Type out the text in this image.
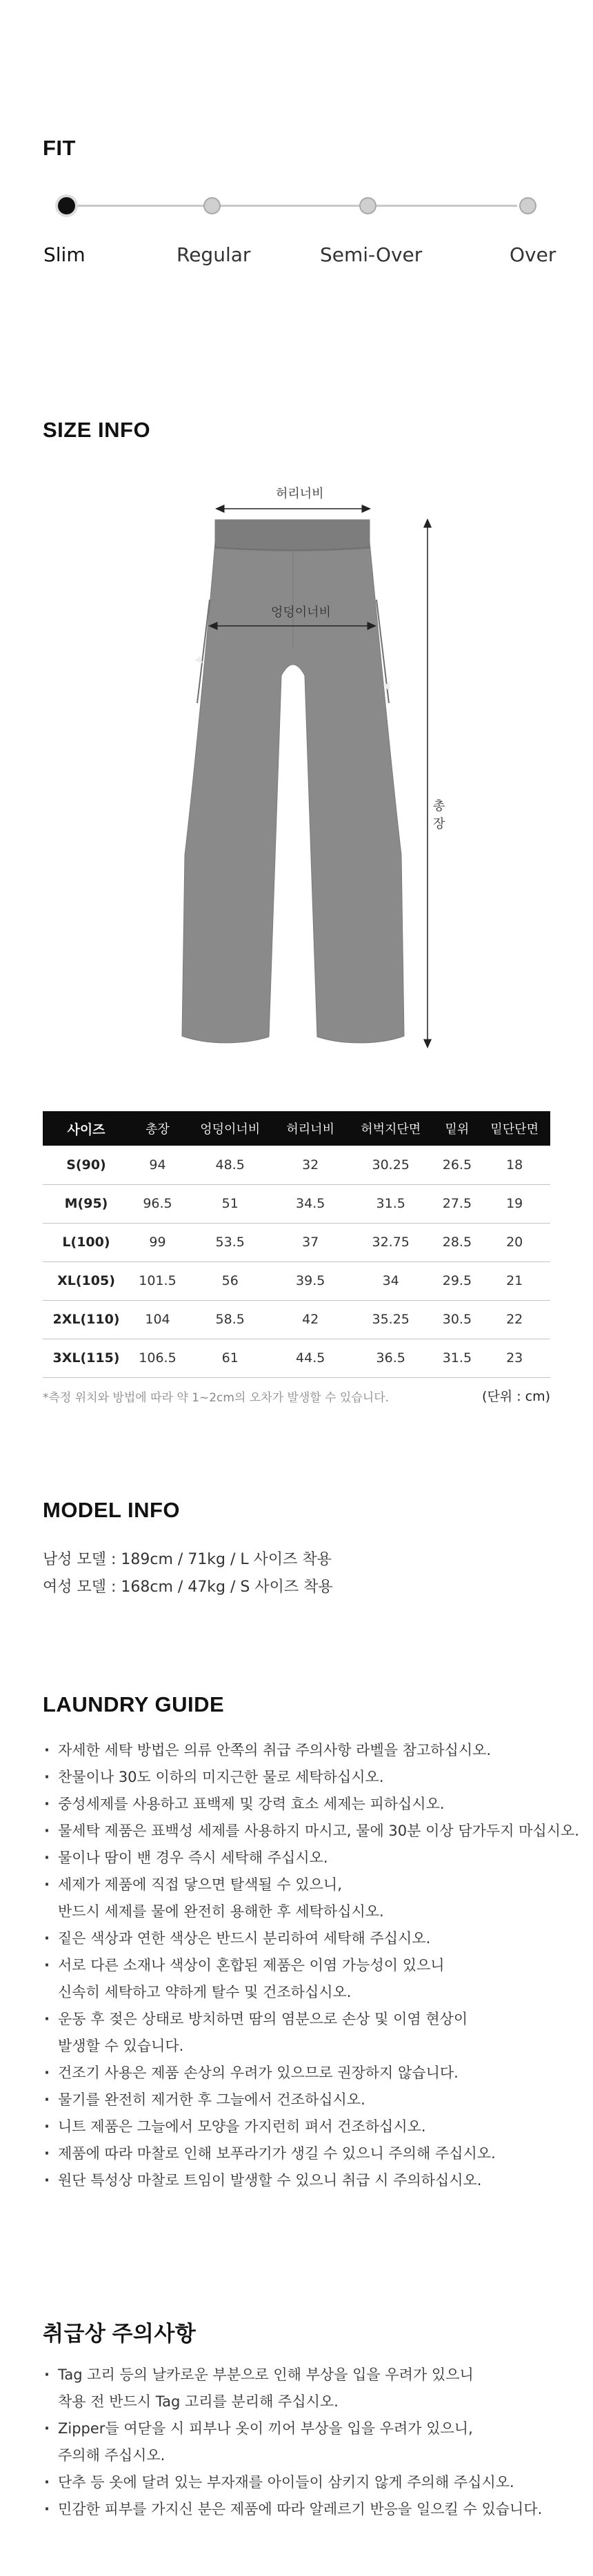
FIT
Slim	Regular	Semi-Over	Over
SIZE INFO
허리너비
엉덩이너비
총장
사이즈	총장	엉덩이너비	허리너비	허벅지단면	밑위	밑단단면
S(90)	94	48.5	32	30.25	26.5	18
M(95)	96.5	51	34.5	31.5	27.5	19
L(100)	99	53.5	37	32.75	28.5	20
XL(105)	101.5	56	39.5	34	29.5	21
2XL(110)	104	58.5	42	35.25	30.5	22
3XL(115)	106.5	61	44.5	36.5	31.5	23
*측정 위치와 방법에 따라 약 1~2cm의 오차가 발생할 수 있습니다.	(단위 : cm)
MODEL INFO
남성 모델 : 189cm / 71kg / L 사이즈 착용
여성 모델 : 168cm / 47kg / S 사이즈 착용
LAUNDRY GUIDE
· 자세한 세탁 방법은 의류 안쪽의 취급 주의사항 라벨을 참고하십시오.
· 찬물이나 30도 이하의 미지근한 물로 세탁하십시오.
· 중성세제를 사용하고 표백제 및 강력 효소 세제는 피하십시오.
· 물세탁 제품은 표백성 세제를 사용하지 마시고, 물에 30분 이상 담가두지 마십시오.
· 물이나 땀이 밴 경우 즉시 세탁해 주십시오.
· 세제가 제품에 직접 닿으면 탈색될 수 있으니,
반드시 세제를 물에 완전히 용해한 후 세탁하십시오.
· 짙은 색상과 연한 색상은 반드시 분리하여 세탁해 주십시오.
· 서로 다른 소재나 색상이 혼합된 제품은 이염 가능성이 있으니
신속히 세탁하고 약하게 탈수 및 건조하십시오.
· 운동 후 젖은 상태로 방치하면 땀의 염분으로 손상 및 이염 현상이
발생할 수 있습니다.
· 건조기 사용은 제품 손상의 우려가 있으므로 권장하지 않습니다.
· 물기를 완전히 제거한 후 그늘에서 건조하십시오.
· 니트 제품은 그늘에서 모양을 가지런히 펴서 건조하십시오.
· 제품에 따라 마찰로 인해 보푸라기가 생길 수 있으니 주의해 주십시오.
· 원단 특성상 마찰로 트임이 발생할 수 있으니 취급 시 주의하십시오.
취급상 주의사항
· Tag 고리 등의 날카로운 부분으로 인해 부상을 입을 우려가 있으니
착용 전 반드시 Tag 고리를 분리해 주십시오.
· Zipper들 여닫을 시 피부나 옷이 끼어 부상을 입을 우려가 있으니,
주의해 주십시오.
· 단추 등 옷에 달려 있는 부자재를 아이들이 삼키지 않게 주의해 주십시오.
· 민감한 피부를 가지신 분은 제품에 따라 알레르기 반응을 일으킬 수 있습니다.
